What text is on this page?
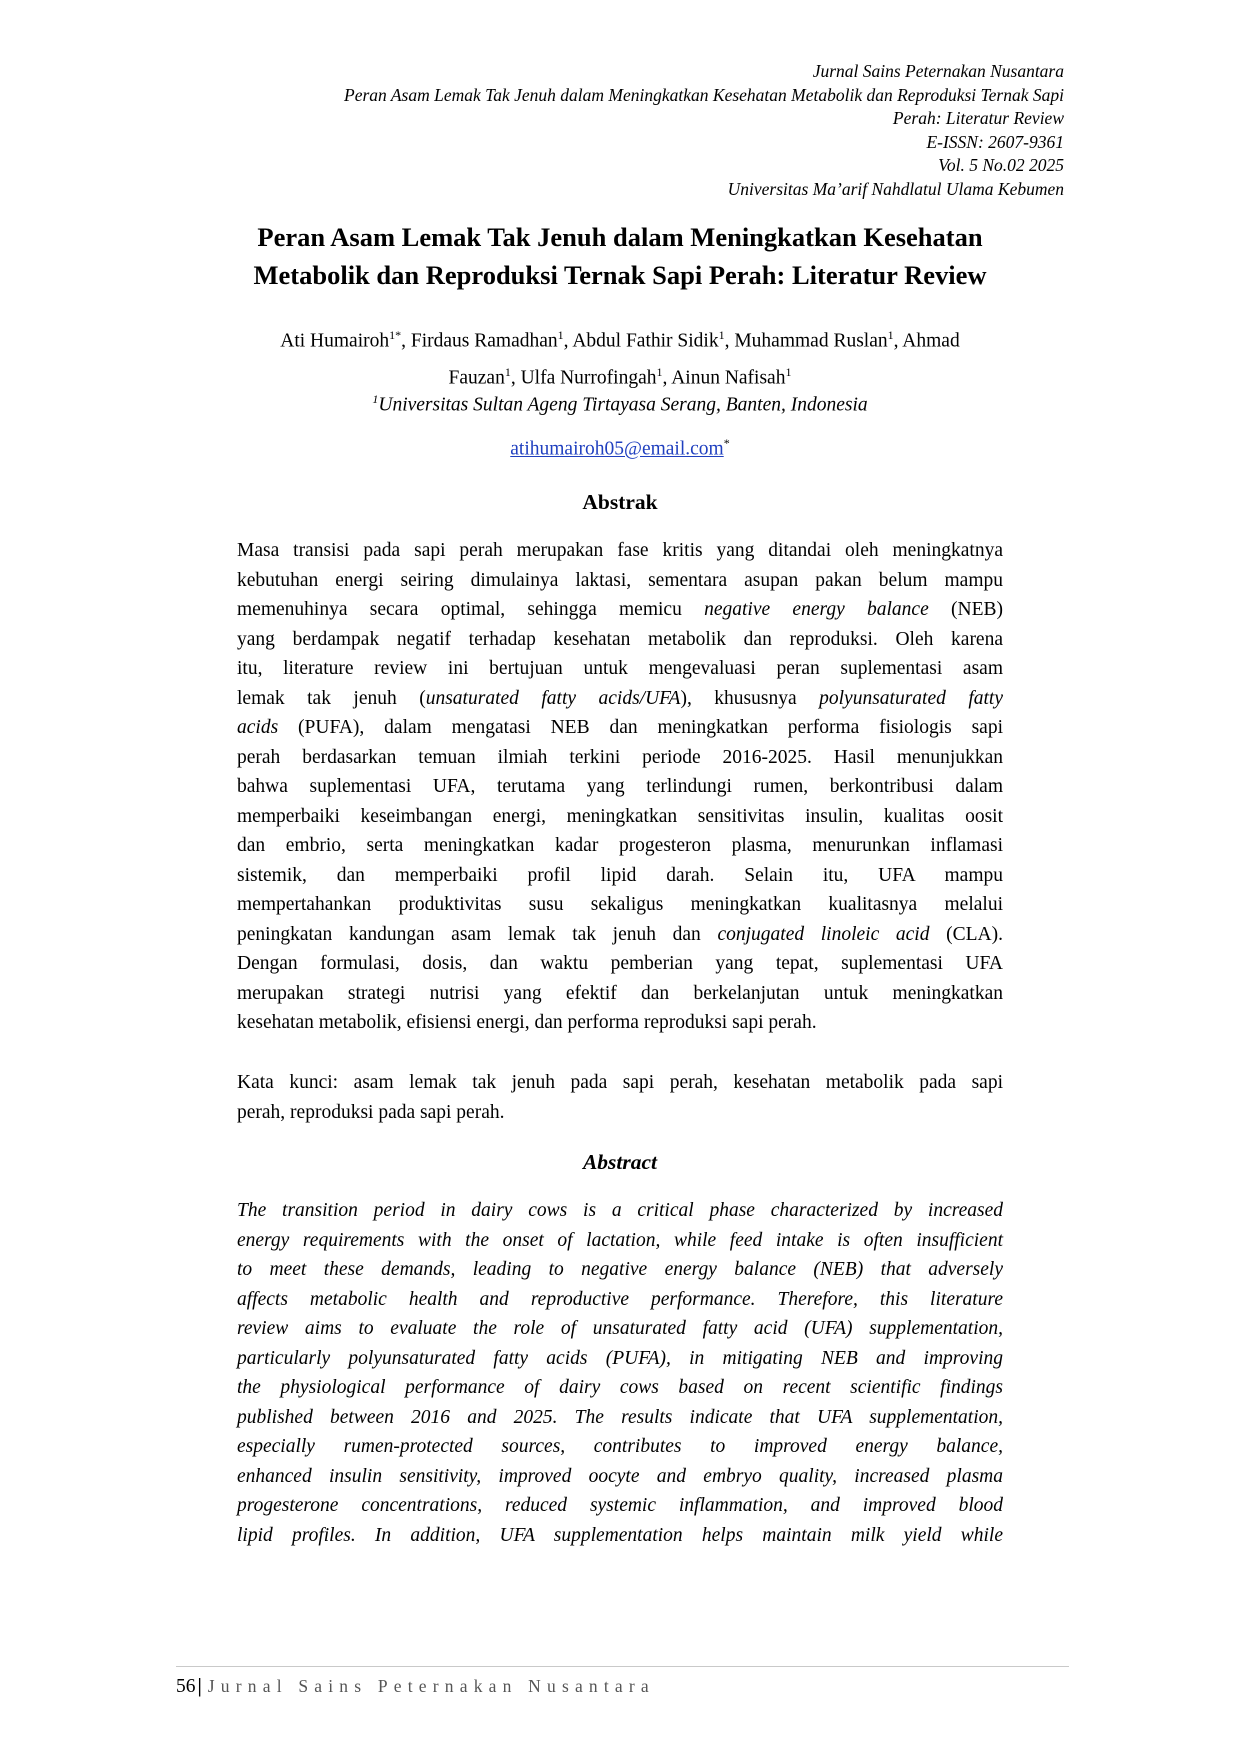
Jurnal Sains Peternakan Nusantara
Peran Asam Lemak Tak Jenuh dalam Meningkatkan Kesehatan Metabolik dan Reproduksi Ternak Sapi
Perah: Literatur Review
E-ISSN: 2607-9361
Vol. 5 No.02 2025
Universitas Ma’arif Nahdlatul Ulama Kebumen
Peran Asam Lemak Tak Jenuh dalam Meningkatkan Kesehatan
Metabolik dan Reproduksi Ternak Sapi Perah: Literatur Review
Ati Humairoh$^{1*}$, Firdaus Ramadhan$^1$, Abdul Fathir Sidik$^1$, Muhammad Ruslan$^1$, Ahmad
Fauzan$^1$, Ulfa Nurrofingah$^1$, Ainun Nafisah$^1$
$^1$Universitas Sultan Ageng Tirtayasa Serang, Banten, Indonesia
atihumairoh05@email.com*
Abstrak
Masa transisi pada sapi perah merupakan fase kritis yang ditandai oleh meningkatnya
kebutuhan energi seiring dimulainya laktasi, sementara asupan pakan belum mampu
memenuhinya secara optimal, sehingga memicu negative energy balance (NEB)
yang berdampak negatif terhadap kesehatan metabolik dan reproduksi. Oleh karena
itu, literature review ini bertujuan untuk mengevaluasi peran suplementasi asam
lemak tak jenuh (unsaturated fatty acids/UFA), khususnya polyunsaturated fatty
acids (PUFA), dalam mengatasi NEB dan meningkatkan performa fisiologis sapi
perah berdasarkan temuan ilmiah terkini periode 2016-2025. Hasil menunjukkan
bahwa suplementasi UFA, terutama yang terlindungi rumen, berkontribusi dalam
memperbaiki keseimbangan energi, meningkatkan sensitivitas insulin, kualitas oosit
dan embrio, serta meningkatkan kadar progesteron plasma, menurunkan inflamasi
sistemik, dan memperbaiki profil lipid darah. Selain itu, UFA mampu
mempertahankan produktivitas susu sekaligus meningkatkan kualitasnya melalui
peningkatan kandungan asam lemak tak jenuh dan conjugated linoleic acid (CLA).
Dengan formulasi, dosis, dan waktu pemberian yang tepat, suplementasi UFA
merupakan strategi nutrisi yang efektif dan berkelanjutan untuk meningkatkan
kesehatan metabolik, efisiensi energi, dan performa reproduksi sapi perah.
Kata kunci: asam lemak tak jenuh pada sapi perah, kesehatan metabolik pada sapi
perah, reproduksi pada sapi perah.
Abstract
The transition period in dairy cows is a critical phase characterized by increased
energy requirements with the onset of lactation, while feed intake is often insufficient
to meet these demands, leading to negative energy balance (NEB) that adversely
affects metabolic health and reproductive performance. Therefore, this literature
review aims to evaluate the role of unsaturated fatty acid (UFA) supplementation,
particularly polyunsaturated fatty acids (PUFA), in mitigating NEB and improving
the physiological performance of dairy cows based on recent scientific findings
published between 2016 and 2025. The results indicate that UFA supplementation,
especially rumen-protected sources, contributes to improved energy balance,
enhanced insulin sensitivity, improved oocyte and embryo quality, increased plasma
progesterone concentrations, reduced systemic inflammation, and improved blood
lipid profiles. In addition, UFA supplementation helps maintain milk yield while
56 | Jurnal Sains Peternakan Nusantara
